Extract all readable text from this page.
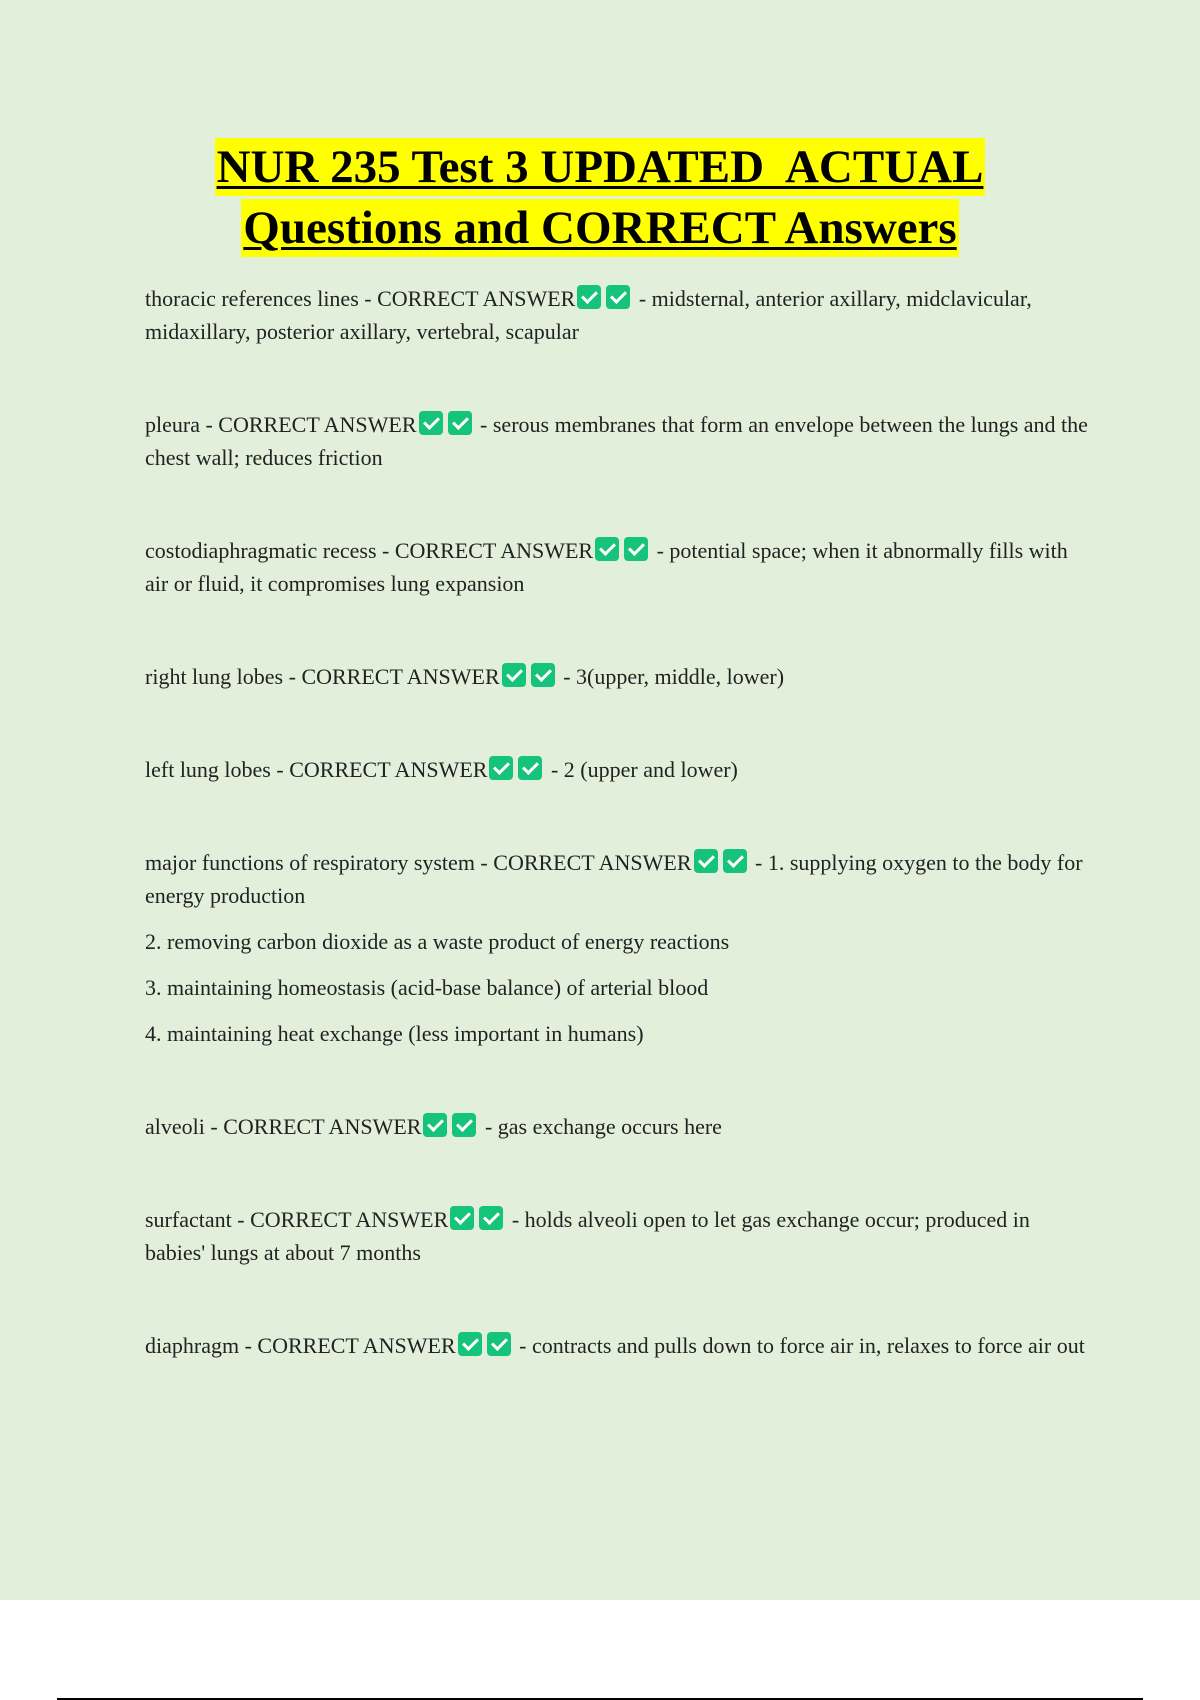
NUR 235 Test 3 UPDATED  ACTUAL
Questions and CORRECT Answers
thoracic references lines - CORRECT ANSWER	- midsternal, anterior axillary, midclavicular, midaxillary, posterior axillary, vertebral, scapular
pleura - CORRECT ANSWER	- serous membranes that form an envelope between the lungs and the chest wall; reduces friction
costodiaphragmatic recess - CORRECT ANSWER	- potential space; when it abnormally fills with air or fluid, it compromises lung expansion
right lung lobes - CORRECT ANSWER	- 3(upper, middle, lower)
left lung lobes - CORRECT ANSWER	- 2 (upper and lower)
major functions of respiratory system - CORRECT ANSWER	- 1. supplying oxygen to the body for energy production
2. removing carbon dioxide as a waste product of energy reactions
3. maintaining homeostasis (acid-base balance) of arterial blood
4. maintaining heat exchange (less important in humans)
alveoli - CORRECT ANSWER	- gas exchange occurs here
surfactant - CORRECT ANSWER	- holds alveoli open to let gas exchange occur; produced in babies' lungs at about 7 months
diaphragm - CORRECT ANSWER	- contracts and pulls down to force air in, relaxes to force air out
